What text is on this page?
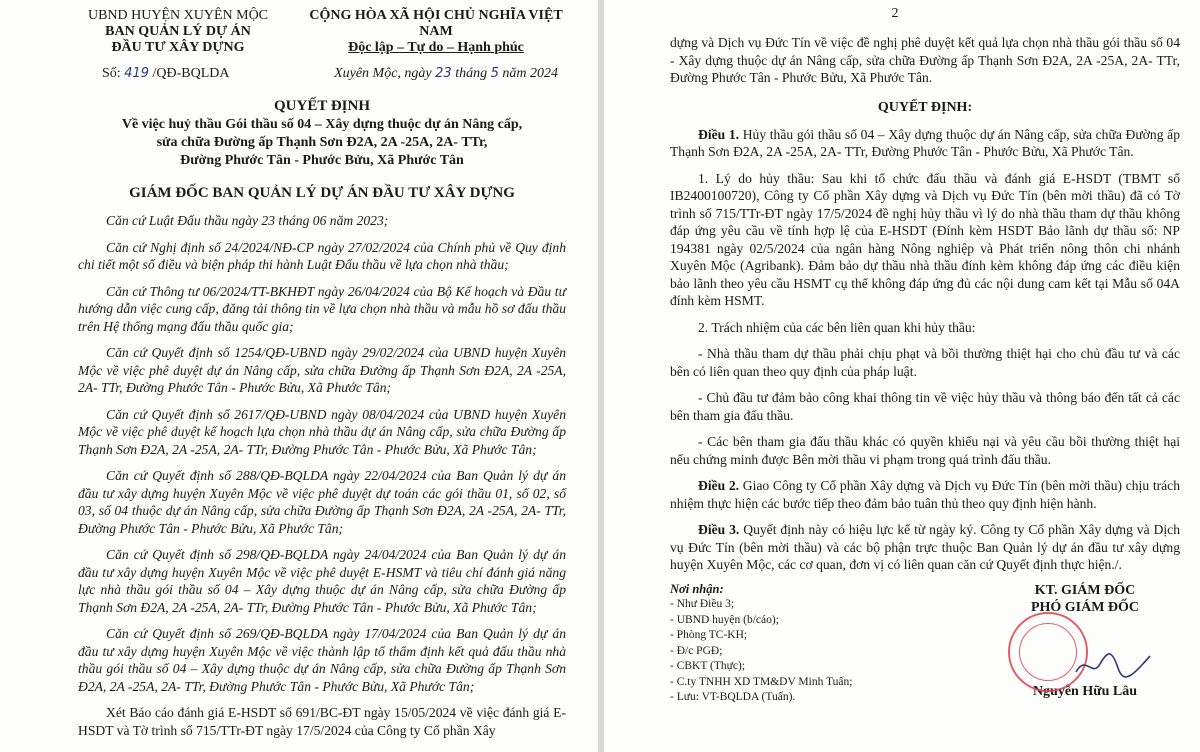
UBND HUYỆN XUYÊN MỘC
BAN QUẢN LÝ DỰ ÁN
ĐẦU TƯ XÂY DỰNG
CỘNG HÒA XÃ HỘI CHỦ NGHĨA VIỆT NAM
Độc lập – Tự do – Hạnh phúc
Số: 419 /QĐ-BQLDA	Xuyên Mộc, ngày 23 tháng 5 năm 2024
QUYẾT ĐỊNH
Về việc huỷ thầu Gói thầu số 04 – Xây dựng thuộc dự án Nâng cấp,
sửa chữa Đường ấp Thạnh Sơn Đ2A, 2A -25A, 2A- TTr,
Đường Phước Tân - Phước Bửu, Xã Phước Tân
GIÁM ĐỐC BAN QUẢN LÝ DỰ ÁN ĐẦU TƯ XÂY DỰNG

Căn cứ Luật Đấu thầu ngày 23 tháng 06 năm 2023;

Căn cứ Nghị định số 24/2024/NĐ-CP ngày 27/02/2024 của Chính phủ về Quy định chi tiết một số điều và biện pháp thi hành Luật Đấu thầu về lựa chọn nhà thầu;

Căn cứ Thông tư 06/2024/TT-BKHĐT ngày 26/04/2024 của Bộ Kế hoạch và Đầu tư hướng dẫn việc cung cấp, đăng tải thông tin về lựa chọn nhà thầu và mẫu hồ sơ đấu thầu trên Hệ thống mạng đấu thầu quốc gia;

Căn cứ Quyết định số 1254/QĐ-UBND ngày 29/02/2024 của UBND huyện Xuyên Mộc về việc phê duyệt dự án Nâng cấp, sửa chữa Đường ấp Thạnh Sơn Đ2A, 2A -25A, 2A- TTr, Đường Phước Tân - Phước Bửu, Xã Phước Tân;

Căn cứ Quyết định số 2617/QĐ-UBND ngày 08/04/2024 của UBND huyện Xuyên Mộc về việc phê duyệt kế hoạch lựa chọn nhà thầu dự án Nâng cấp, sửa chữa Đường ấp Thạnh Sơn Đ2A, 2A -25A, 2A- TTr, Đường Phước Tân - Phước Bửu, Xã Phước Tân;

Căn cứ Quyết định số 288/QĐ-BQLDA ngày 22/04/2024 của Ban Quản lý dự án đầu tư xây dựng huyện Xuyên Mộc về việc phê duyệt dự toán các gói thầu 01, số 02, số 03, số 04 thuộc dự án Nâng cấp, sửa chữa Đường ấp Thạnh Sơn Đ2A, 2A -25A, 2A- TTr, Đường Phước Tân - Phước Bửu, Xã Phước Tân;

Căn cứ Quyết định số 298/QĐ-BQLDA ngày 24/04/2024 của Ban Quản lý dự án đầu tư xây dựng huyện Xuyên Mộc về việc phê duyệt E-HSMT và tiêu chí đánh giá năng lực nhà thầu gói thầu số 04 – Xây dựng thuộc dự án Nâng cấp, sửa chữa Đường ấp Thạnh Sơn Đ2A, 2A -25A, 2A- TTr, Đường Phước Tân - Phước Bửu, Xã Phước Tân;

Căn cứ Quyết định số 269/QĐ-BQLDA ngày 17/04/2024 của Ban Quản lý dự án đầu tư xây dựng huyện Xuyên Mộc về việc thành lập tổ thẩm định kết quả đấu thầu nhà thầu gói thầu số 04 – Xây dựng thuộc dự án Nâng cấp, sửa chữa Đường ấp Thạnh Sơn Đ2A, 2A -25A, 2A- TTr, Đường Phước Tân - Phước Bửu, Xã Phước Tân;

Xét Báo cáo đánh giá E-HSDT số 691/BC-ĐT ngày 15/05/2024 về việc đánh giá E-HSDT và Tờ trình số 715/TTr-ĐT ngày 17/5/2024 của Công ty Cổ phần Xây

2

dựng và Dịch vụ Đức Tín về việc đề nghị phê duyệt kết quả lựa chọn nhà thầu gói thầu số 04 - Xây dựng thuộc dự án Nâng cấp, sửa chữa Đường ấp Thạnh Sơn Đ2A, 2A -25A, 2A- TTr, Đường Phước Tân - Phước Bửu, Xã Phước Tân.

QUYẾT ĐỊNH:

Điều 1. Hủy thầu gói thầu số 04 – Xây dựng thuộc dự án Nâng cấp, sửa chữa Đường ấp Thạnh Sơn Đ2A, 2A -25A, 2A- TTr, Đường Phước Tân - Phước Bửu, Xã Phước Tân.

1. Lý do hủy thầu: Sau khi tổ chức đấu thầu và đánh giá E-HSDT (TBMT số IB2400100720), Công ty Cổ phần Xây dựng và Dịch vụ Đức Tín (bên mời thầu) đã có Tờ trình số 715/TTr-ĐT ngày 17/5/2024 đề nghị hủy thầu vì lý do nhà thầu tham dự thầu không đáp ứng yêu cầu về tính hợp lệ của E-HSDT (Đính kèm HSDT Bảo lãnh dự thầu số: NP 194381 ngày 02/5/2024 của ngân hàng Nông nghiệp và Phát triển nông thôn chi nhánh Xuyên Mộc (Agribank). Đảm bảo dự thầu nhà thầu đính kèm không đáp ứng các điều kiện bảo lãnh theo yêu cầu HSMT cụ thể không đáp ứng đủ các nội dung cam kết tại Mẫu số 04A đính kèm HSMT.

2. Trách nhiệm của các bên liên quan khi hủy thầu:

- Nhà thầu tham dự thầu phải chịu phạt và bồi thường thiệt hại cho chủ đầu tư và các bên có liên quan theo quy định của pháp luật.

- Chủ đầu tư đảm bảo công khai thông tin về việc hủy thầu và thông báo đến tất cả các bên tham gia đấu thầu.

- Các bên tham gia đấu thầu khác có quyền khiếu nại và yêu cầu bồi thường thiệt hại nếu chứng minh được Bên mời thầu vi phạm trong quá trình đấu thầu.

Điều 2. Giao Công ty Cổ phần Xây dựng và Dịch vụ Đức Tín (bên mời thầu) chịu trách nhiệm thực hiện các bước tiếp theo đảm bảo tuân thủ theo quy định hiện hành.

Điều 3. Quyết định này có hiệu lực kể từ ngày ký. Công ty Cổ phần Xây dựng và Dịch vụ Đức Tín (bên mời thầu) và các bộ phận trực thuộc Ban Quản lý dự án đầu tư xây dựng huyện Xuyên Mộc, các cơ quan, đơn vị có liên quan căn cứ Quyết định thực hiện./.

Nơi nhận:
- Như Điều 3;
- UBND huyện (b/cáo);
- Phòng TC-KH;
- Đ/c PGĐ;
- CBKT (Thực);
- C.ty TNHH XD TM&DV Minh Tuấn;
- Lưu: VT-BQLDA (Tuấn).
KT. GIÁM ĐỐC
PHÓ GIÁM ĐỐC
Nguyễn Hữu Lâu
